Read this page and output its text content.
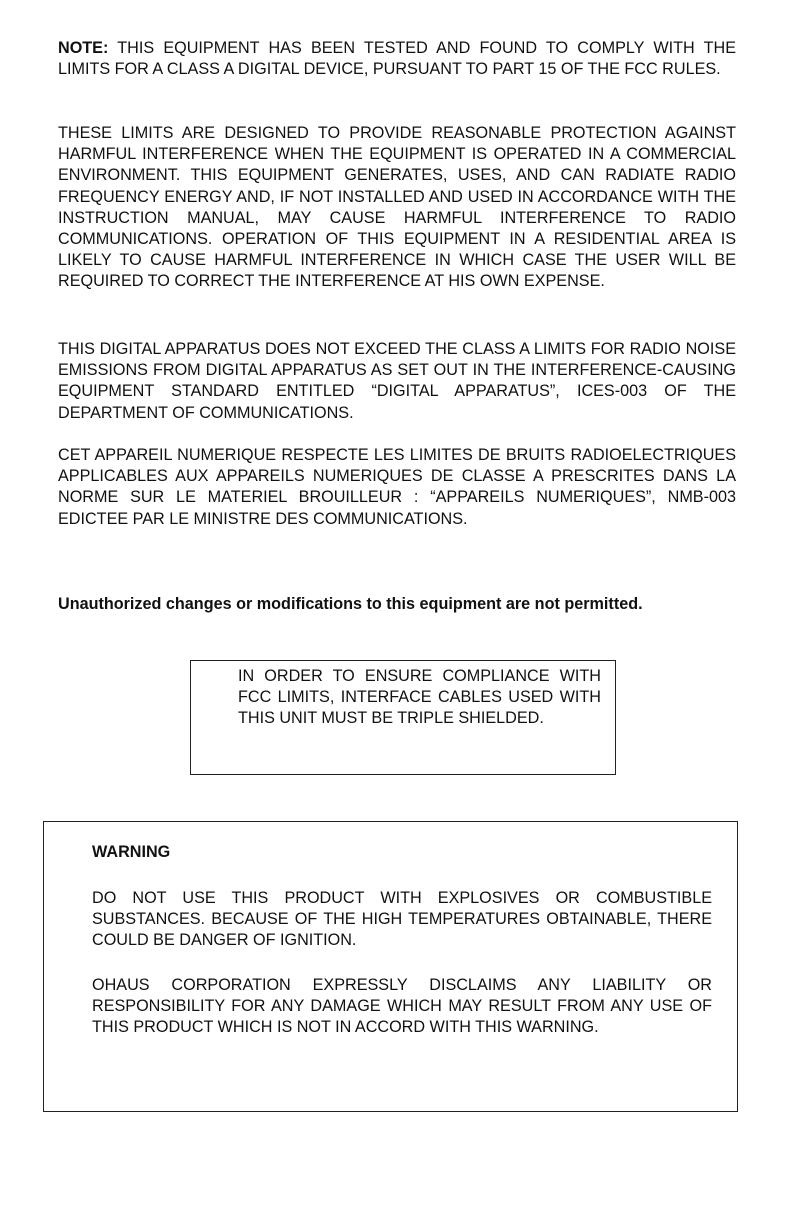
NOTE: THIS EQUIPMENT HAS BEEN TESTED AND FOUND TO COMPLY WITH THE LIMITS FOR A CLASS A DIGITAL DEVICE, PURSUANT TO PART 15 OF THE FCC RULES.

THESE LIMITS ARE DESIGNED TO PROVIDE REASONABLE PROTECTION AGAINST HARMFUL INTERFERENCE WHEN THE EQUIPMENT IS OPERATED IN A COMMERCIAL ENVIRONMENT. THIS EQUIPMENT GENERATES, USES, AND CAN RADIATE RADIO FREQUENCY ENERGY AND, IF NOT INSTALLED AND USED IN ACCORDANCE WITH THE INSTRUCTION MANUAL, MAY CAUSE HARMFUL INTERFERENCE TO RADIO COMMUNICATIONS. OPERATION OF THIS EQUIPMENT IN A RESIDENTIAL AREA IS LIKELY TO CAUSE HARMFUL INTERFERENCE IN WHICH CASE THE USER WILL BE REQUIRED TO CORRECT THE INTERFERENCE AT HIS OWN EXPENSE.

THIS DIGITAL APPARATUS DOES NOT EXCEED THE CLASS A LIMITS FOR RADIO NOISE EMISSIONS FROM DIGITAL APPARATUS AS SET OUT IN THE INTERFERENCE-CAUSING EQUIPMENT STANDARD ENTITLED “DIGITAL APPARATUS”, ICES-003 OF THE DEPARTMENT OF COMMUNICATIONS.

CET APPAREIL NUMERIQUE RESPECTE LES LIMITES DE BRUITS RADIOELECTRIQUES APPLICABLES AUX APPAREILS NUMERIQUES DE CLASSE A PRESCRITES DANS LA NORME SUR LE MATERIEL BROUILLEUR : “APPAREILS NUMERIQUES”, NMB-003 EDICTEE PAR LE MINISTRE DES COMMUNICATIONS.

Unauthorized changes or modifications to this equipment are not permitted.

IN ORDER TO ENSURE COMPLIANCE WITH FCC LIMITS, INTERFACE CABLES USED WITH THIS UNIT MUST BE TRIPLE SHIELDED.

WARNING

DO NOT USE THIS PRODUCT WITH EXPLOSIVES OR COMBUSTIBLE SUBSTANCES. BECAUSE OF THE HIGH TEMPERATURES OBTAINABLE, THERE COULD BE DANGER OF IGNITION.

OHAUS CORPORATION EXPRESSLY DISCLAIMS ANY LIABILITY OR RESPONSIBILITY FOR ANY DAMAGE WHICH MAY RESULT FROM ANY USE OF THIS PRODUCT WHICH IS NOT IN ACCORD WITH THIS WARNING.
